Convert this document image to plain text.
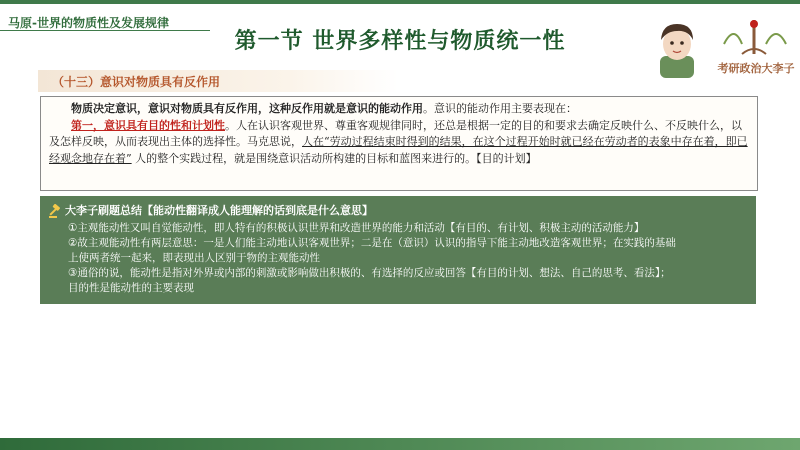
马原-世界的物质性及发展规律
第一节 世界多样性与物质统一性
考研政治大李子
（十三）意识对物质具有反作用

物质决定意识，意识对物质具有反作用，这种反作用就是意识的能动作用。意识的能动作用主要表现在：

第一，意识具有目的性和计划性。人在认识客观世界、尊重客观规律同时，还总是根据一定的目的和要求去确定反映什么、不反映什么，以及怎样反映，从而表现出主体的选择性。马克思说，人在“劳动过程结束时得到的结果，在这个过程开始时就已经在劳动者的表象中存在着，即已经观念地存在着” 人的整个实践过程，就是围绕意识活动所构建的目标和蓝图来进行的。【目的计划】

大李子刷题总结【能动性翻译成人能理解的话到底是什么意思】
①主观能动性又叫自觉能动性，即人特有的积极认识世界和改造世界的能力和活动【有目的、有计划、积极主动的活动能力】
②故主观能动性有两层意思：一是人们能主动地认识客观世界；二是在（意识）认识的指导下能主动地改造客观世界；在实践的基础
上使两者统一起来，即表现出人区别于物的主观能动性
③通俗的说，能动性是指对外界或内部的刺激或影响做出积极的、有选择的反应或回答【有目的计划、想法、自己的思考、看法】；
目的性是能动性的主要表现
